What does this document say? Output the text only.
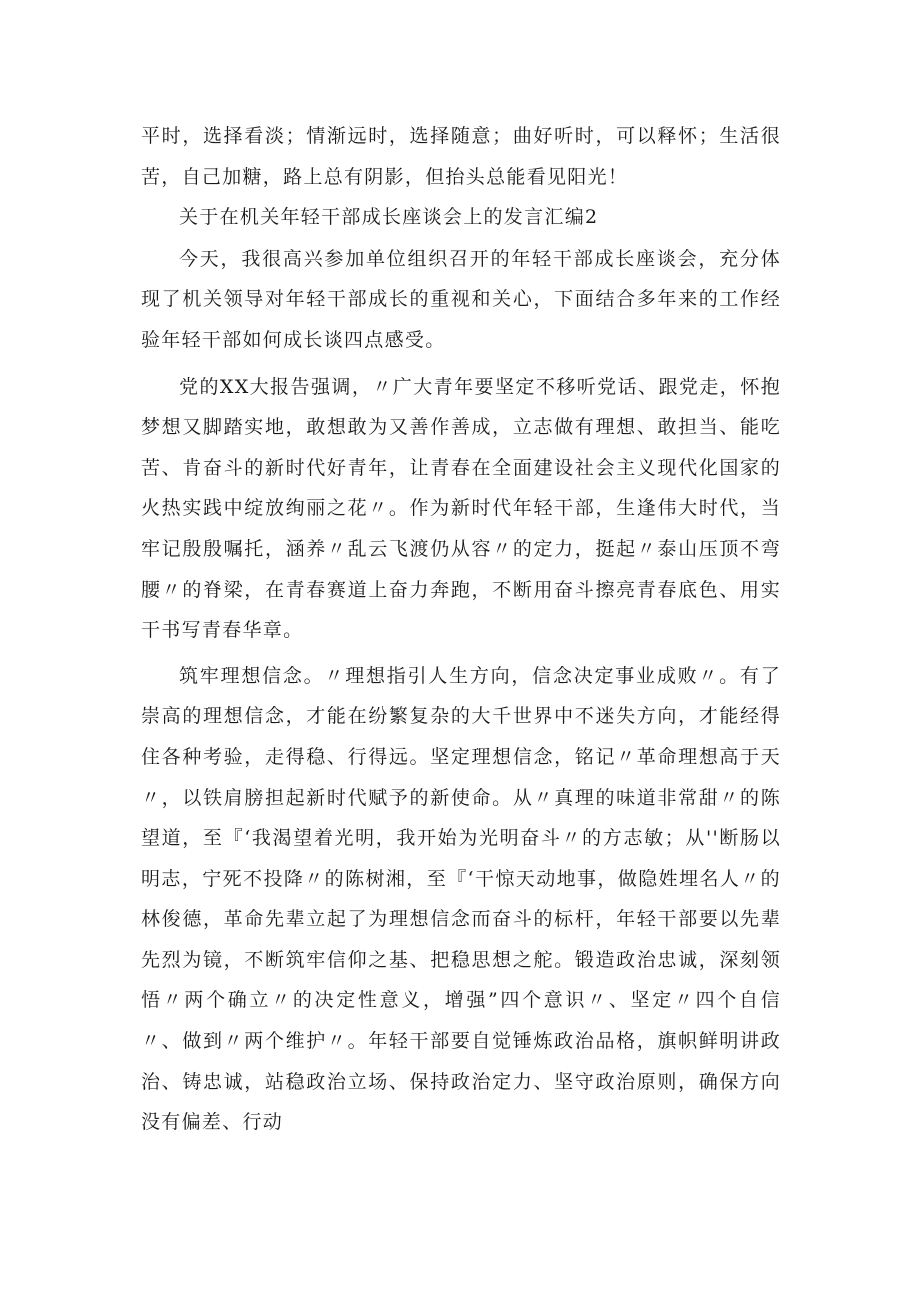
平时，选择看淡；情渐远时，选择随意；曲好听时，可以释怀；生活很苦，自己加糖，路上总有阴影，但抬头总能看见阳光！

关于在机关年轻干部成长座谈会上的发言汇编2

今天，我很高兴参加单位组织召开的年轻干部成长座谈会，充分体现了机关领导对年轻干部成长的重视和关心，下面结合多年来的工作经验年轻干部如何成长谈四点感受。

党的XX大报告强调，〃广大青年要坚定不移听党话、跟党走，怀抱梦想又脚踏实地，敢想敢为又善作善成，立志做有理想、敢担当、能吃苦、肯奋斗的新时代好青年，让青春在全面建设社会主义现代化国家的火热实践中绽放绚丽之花〃。作为新时代年轻干部，生逢伟大时代，当牢记殷殷嘱托，涵养〃乱云飞渡仍从容〃的定力，挺起〃泰山压顶不弯腰〃的脊梁，在青春赛道上奋力奔跑，不断用奋斗擦亮青春底色、用实干书写青春华章。

筑牢理想信念。〃理想指引人生方向，信念决定事业成败〃。有了崇高的理想信念，才能在纷繁复杂的大千世界中不迷失方向，才能经得住各种考验，走得稳、行得远。坚定理想信念，铭记〃革命理想高于天〃，以铁肩膀担起新时代赋予的新使命。从〃真理的味道非常甜〃的陈望道，至『‘我渴望着光明，我开始为光明奋斗〃的方志敏；从''断肠以明志，宁死不投降〃的陈树湘，至『‘干惊天动地事，做隐姓埋名人〃的林俊德，革命先辈立起了为理想信念而奋斗的标杆，年轻干部要以先辈先烈为镜，不断筑牢信仰之基、把稳思想之舵。锻造政治忠诚，深刻领悟〃两个确立〃的决定性意义，增强”四个意识〃、坚定〃四个自信〃、做到〃两个维护〃。年轻干部要自觉锤炼政治品格，旗帜鲜明讲政治、铸忠诚，站稳政治立场、保持政治定力、坚守政治原则，确保方向没有偏差、行动
